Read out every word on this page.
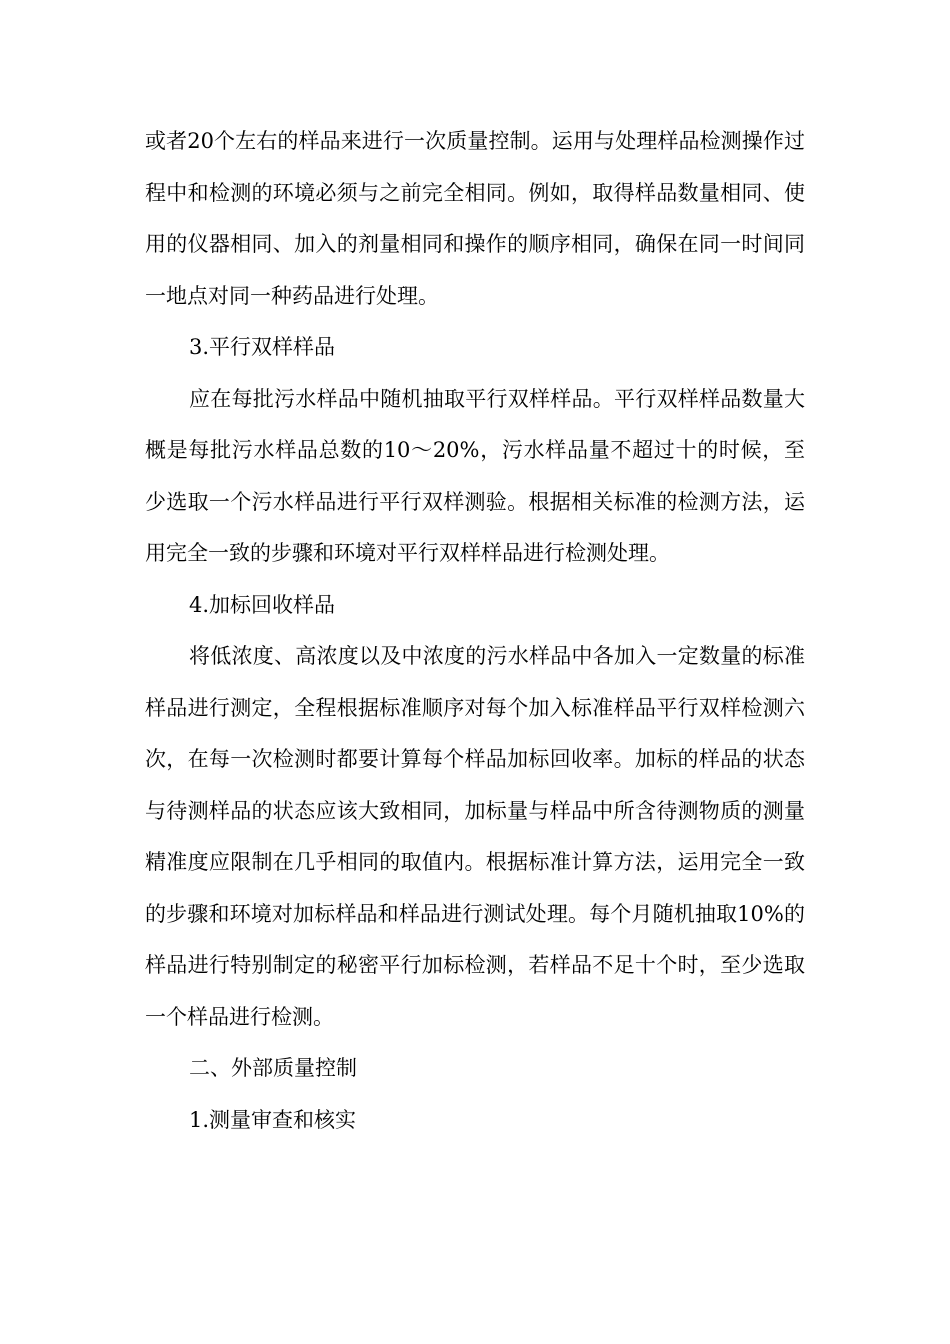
或者20个左右的样品来进行一次质量控制。运用与处理样品检测操作过程中和检测的环境必须与之前完全相同。例如，取得样品数量相同、使用的仪器相同、加入的剂量相同和操作的顺序相同，确保在同一时间同一地点对同一种药品进行处理。

3.平行双样样品

应在每批污水样品中随机抽取平行双样样品。平行双样样品数量大概是每批污水样品总数的10～20%，污水样品量不超过十的时候，至少选取一个污水样品进行平行双样测验。根据相关标准的检测方法，运用完全一致的步骤和环境对平行双样样品进行检测处理。

4.加标回收样品

将低浓度、高浓度以及中浓度的污水样品中各加入一定数量的标准样品进行测定，全程根据标准顺序对每个加入标准样品平行双样检测六次，在每一次检测时都要计算每个样品加标回收率。加标的样品的状态与待测样品的状态应该大致相同，加标量与样品中所含待测物质的测量精准度应限制在几乎相同的取值内。根据标准计算方法，运用完全一致的步骤和环境对加标样品和样品进行测试处理。每个月随机抽取10%的样品进行特别制定的秘密平行加标检测，若样品不足十个时，至少选取一个样品进行检测。

二、外部质量控制

1.测量审查和核实
